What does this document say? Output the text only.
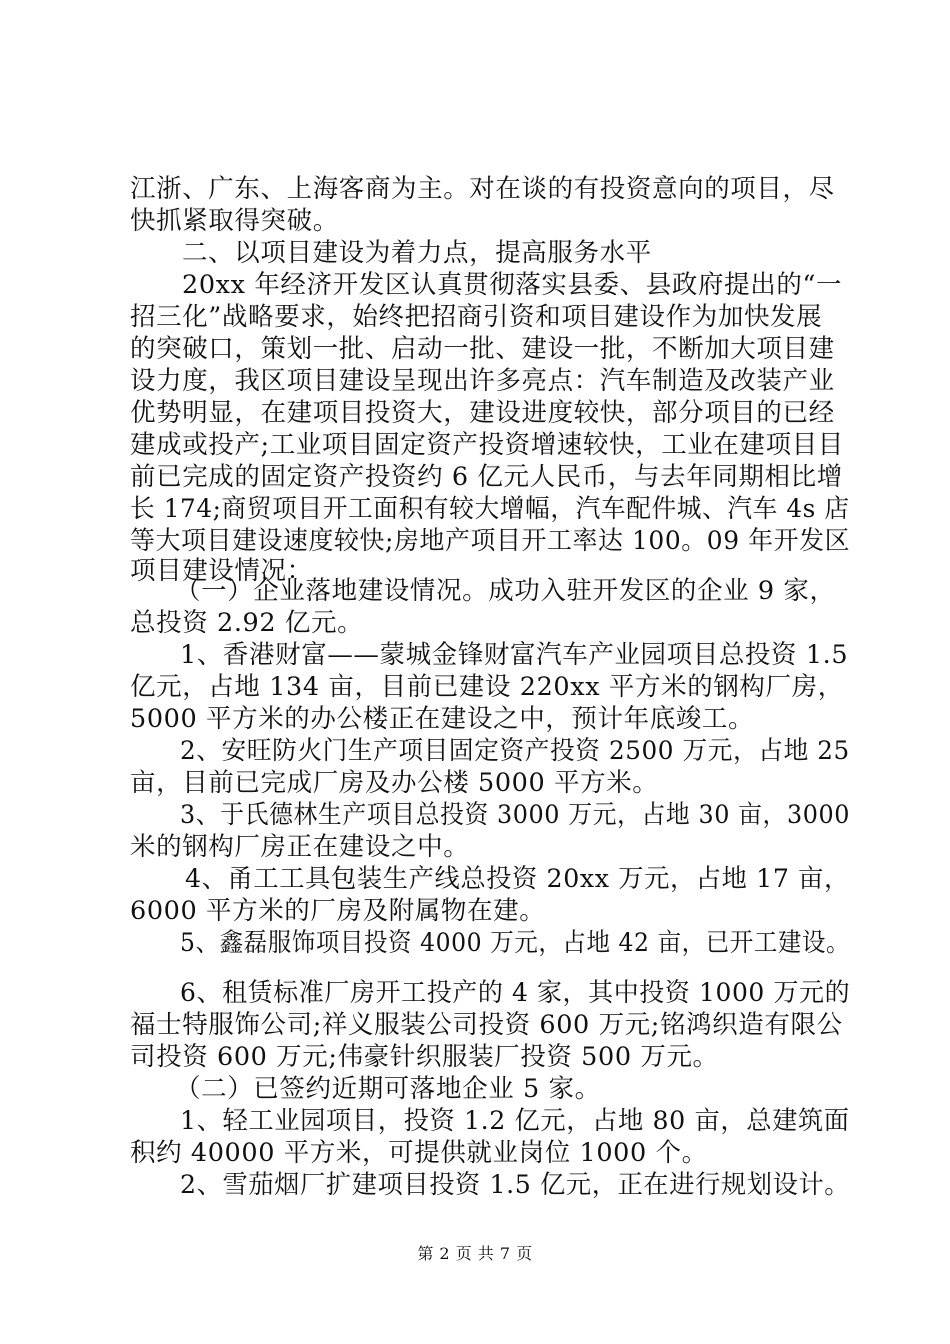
江浙、广东、上海客商为主。对在谈的有投资意向的项目，尽
快抓紧取得突破。
二、以项目建设为着力点，提高服务水平
20xx 年经济开发区认真贯彻落实县委、县政府提出的“一
招三化”战略要求，始终把招商引资和项目建设作为加快发展
的突破口，策划一批、启动一批、建设一批，不断加大项目建
设力度，我区项目建设呈现出许多亮点：汽车制造及改装产业
优势明显，在建项目投资大，建设进度较快，部分项目的已经
建成或投产;工业项目固定资产投资增速较快，工业在建项目目
前已完成的固定资产投资约 6 亿元人民币，与去年同期相比增
长 174;商贸项目开工面积有较大增幅，汽车配件城、汽车 4s 店
等大项目建设速度较快;房地产项目开工率达 100。09 年开发区
项目建设情况：
（一）企业落地建设情况。成功入驻开发区的企业 9 家，
总投资 2.92 亿元。
1、香港财富——蒙城金锋财富汽车产业园项目总投资 1.5
亿元，占地 134 亩，目前已建设 220xx 平方米的钢构厂房，
5000 平方米的办公楼正在建设之中，预计年底竣工。
2、安旺防火门生产项目固定资产投资 2500 万元，占地 25
亩，目前已完成厂房及办公楼 5000 平方米。
3、于氏德林生产项目总投资 3000 万元，占地 30 亩，3000
米的钢构厂房正在建设之中。
4、甬工工具包装生产线总投资 20xx 万元，占地 17 亩，
6000 平方米的厂房及附属物在建。
5、鑫磊服饰项目投资 4000 万元，占地 42 亩，已开工建设。
6、租赁标准厂房开工投产的 4 家，其中投资 1000 万元的
福士特服饰公司;祥义服装公司投资 600 万元;铭鸿织造有限公
司投资 600 万元;伟豪针织服装厂投资 500 万元。
（二）已签约近期可落地企业 5 家。
1、轻工业园项目，投资 1.2 亿元，占地 80 亩，总建筑面
积约 40000 平方米，可提供就业岗位 1000 个。
2、雪茄烟厂扩建项目投资 1.5 亿元，正在进行规划设计。
第 2 页 共 7 页
